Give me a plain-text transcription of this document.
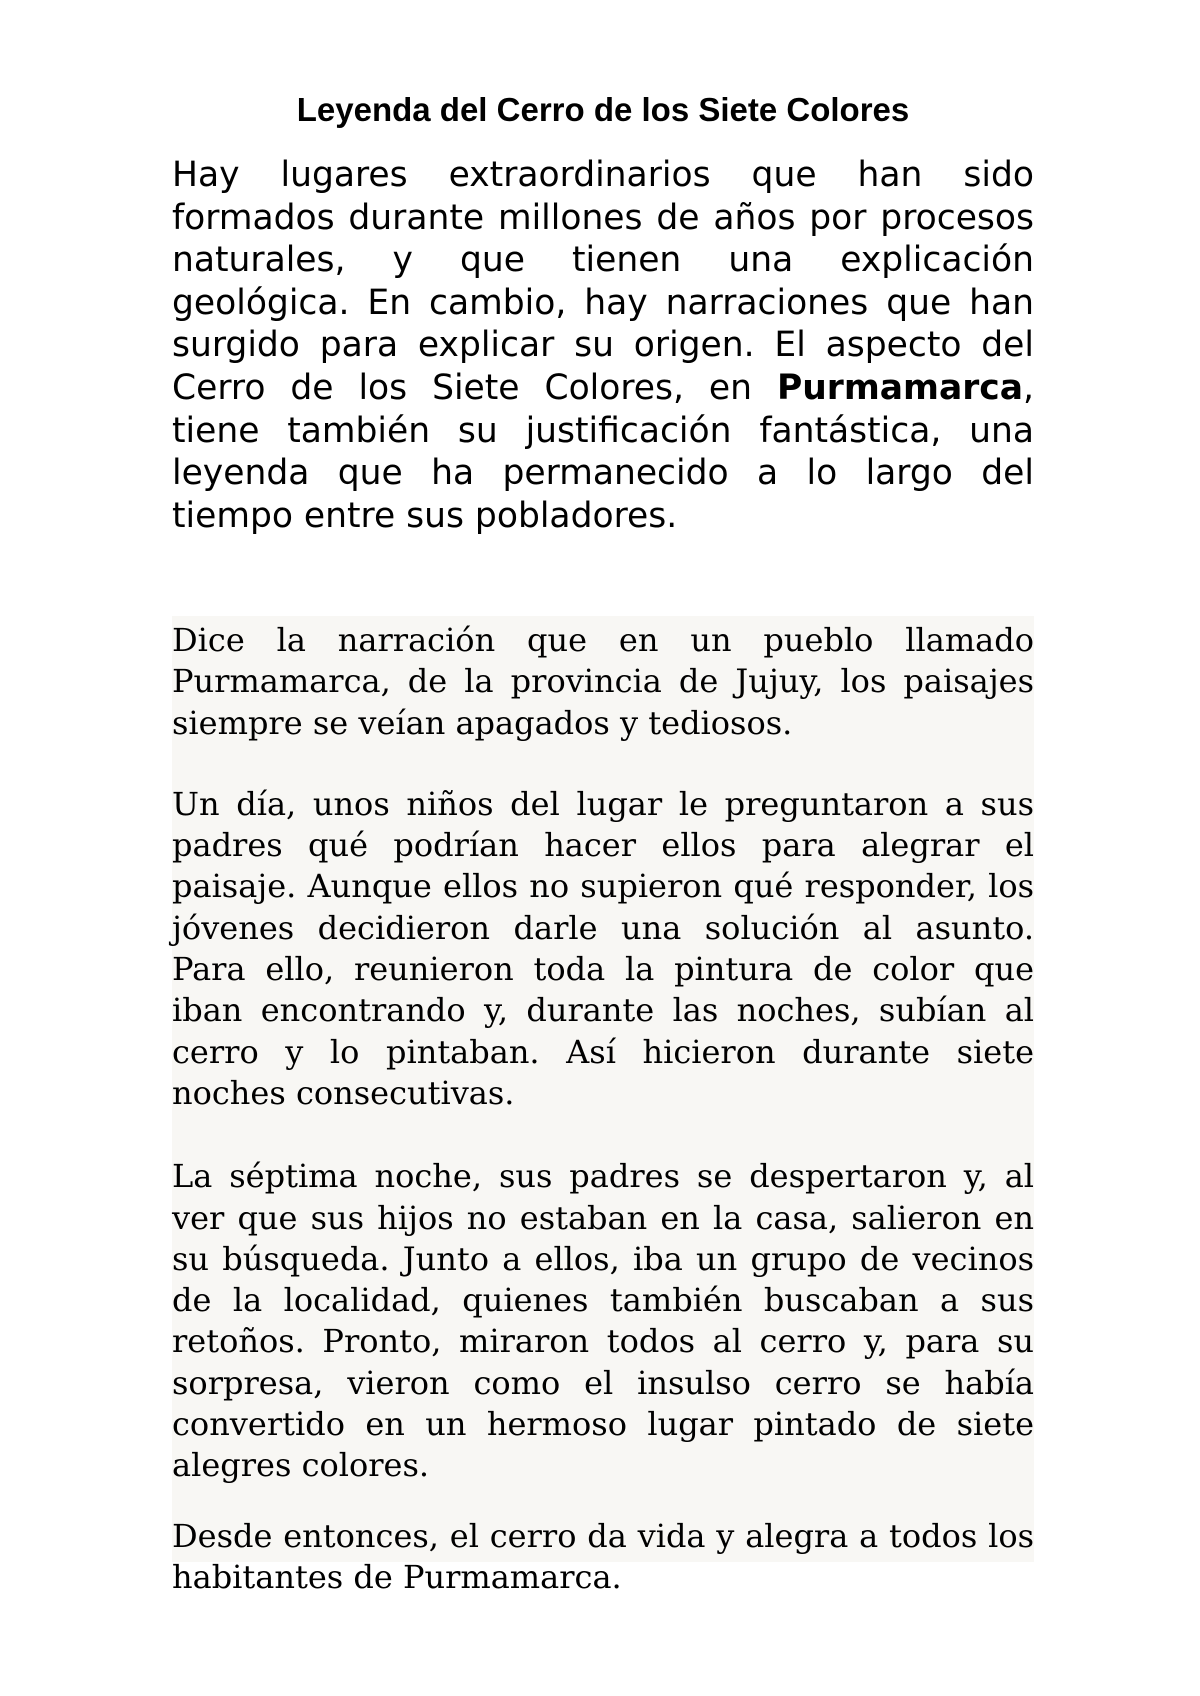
Leyenda del Cerro de los Siete Colores

Hay lugares extraordinarios que han sido formados durante millones de años por procesos naturales, y que tienen una explicación geológica. En cambio, hay narraciones que han surgido para explicar su origen. El aspecto del Cerro de los Siete Colores, en Purmamarca, tiene también su justificación fantástica, una leyenda que ha permanecido a lo largo del tiempo entre sus pobladores.

Dice la narración que en un pueblo llamado Purmamarca, de la provincia de Jujuy, los paisajes siempre se veían apagados y tediosos.

Un día, unos niños del lugar le preguntaron a sus padres qué podrían hacer ellos para alegrar el paisaje. Aunque ellos no supieron qué responder, los jóvenes decidieron darle una solución al asunto. Para ello, reunieron toda la pintura de color que iban encontrando y, durante las noches, subían al cerro y lo pintaban. Así hicieron durante siete noches consecutivas.

La séptima noche, sus padres se despertaron y, al ver que sus hijos no estaban en la casa, salieron en su búsqueda. Junto a ellos, iba un grupo de vecinos de la localidad, quienes también buscaban a sus retoños. Pronto, miraron todos al cerro y, para su sorpresa, vieron como el insulso cerro se había convertido en un hermoso lugar pintado de siete alegres colores.

Desde entonces, el cerro da vida y alegra a todos los habitantes de Purmamarca.
